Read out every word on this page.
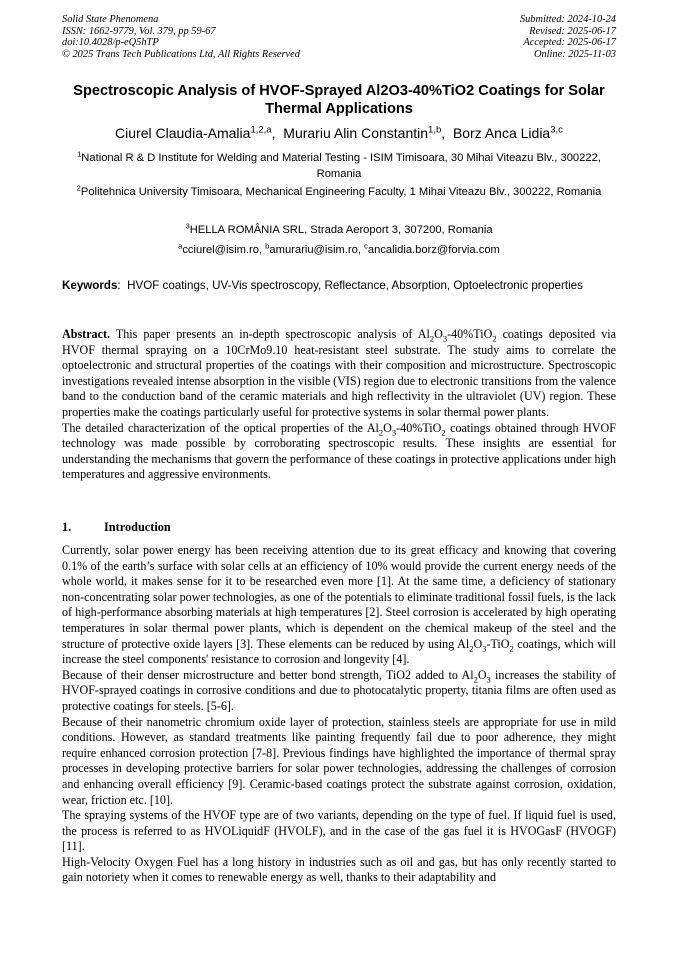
Solid State Phenomena
ISSN: 1662-9779, Vol. 379, pp 59-67
doi:10.4028/p-eQ5hTP
© 2025 Trans Tech Publications Ltd, All Rights Reserved
Submitted: 2024-10-24
Revised: 2025-06-17
Accepted: 2025-06-17
Online: 2025-11-03
Spectroscopic Analysis of HVOF-Sprayed Al2O3-40%TiO2 Coatings for Solar Thermal Applications
Ciurel Claudia-Amalia$^{1,2,a}$,  Murariu Alin Constantin$^{1,b}$,  Borz Anca Lidia$^{3,c}$
$^1$National R & D Institute for Welding and Material Testing - ISIM Timisoara, 30 Mihai Viteazu Blv., 300222, Romania
$^2$Politehnica University Timisoara, Mechanical Engineering Faculty, 1 Mihai Viteazu Blv., 300222, Romania
$^3$HELLA ROMÂNIA SRL, Strada Aeroport 3, 307200, Romania
$^a$cciurel@isim.ro, $^b$amurariu@isim.ro, $^c$ancalidia.borz@forvia.com
Keywords:  HVOF coatings, UV-Vis spectroscopy, Reflectance, Absorption, Optoelectronic properties

Abstract. This paper presents an in-depth spectroscopic analysis of $Al_2O_3-40\%TiO_2$ coatings deposited via HVOF thermal spraying on a 10CrMo9.10 heat-resistant steel substrate. The study aims to correlate the optoelectronic and structural properties of the coatings with their composition and microstructure. Spectroscopic investigations revealed intense absorption in the visible (VIS) region due to electronic transitions from the valence band to the conduction band of the ceramic materials and high reflectivity in the ultraviolet (UV) region. These properties make the coatings particularly useful for protective systems in solar thermal power plants.

The detailed characterization of the optical properties of the $Al_2O_3-40\%TiO_2$ coatings obtained through HVOF technology was made possible by corroborating spectroscopic results. These insights are essential for understanding the mechanisms that govern the performance of these coatings in protective applications under high temperatures and aggressive environments.

1.	Introduction

Currently, solar power energy has been receiving attention due to its great efficacy and knowing that covering 0.1% of the earth’s surface with solar cells at an efficiency of 10% would provide the current energy needs of the whole world, it makes sense for it to be researched even more [1]. At the same time, a deficiency of stationary non-concentrating solar power technologies, as one of the potentials to eliminate traditional fossil fuels, is the lack of high-performance absorbing materials at high temperatures [2]. Steel corrosion is accelerated by high operating temperatures in solar thermal power plants, which is dependent on the chemical makeup of the steel and the structure of protective oxide layers [3]. These elements can be reduced by using $Al_2O_3-TiO_2$ coatings, which will increase the steel components' resistance to corrosion and longevity [4].

Because of their denser microstructure and better bond strength, TiO2 added to $Al_2O_3$ increases the stability of HVOF-sprayed coatings in corrosive conditions and due to photocatalytic property, titania films are often used as protective coatings for steels. [5-6].

Because of their nanometric chromium oxide layer of protection, stainless steels are appropriate for use in mild conditions. However, as standard treatments like painting frequently fail due to poor adherence, they might require enhanced corrosion protection [7-8]. Previous findings have highlighted the importance of thermal spray processes in developing protective barriers for solar power technologies, addressing the challenges of corrosion and enhancing overall efficiency [9]. Ceramic-based coatings protect the substrate against corrosion, oxidation, wear, friction etc. [10].

The spraying systems of the HVOF type are of two variants, depending on the type of fuel. If liquid fuel is used, the process is referred to as HVOLiquidF (HVOLF), and in the case of the gas fuel it is HVOGasF (HVOGF) [11].

High-Velocity Oxygen Fuel has a long history in industries such as oil and gas, but has only recently started to gain notoriety when it comes to renewable energy as well, thanks to their adaptability and
